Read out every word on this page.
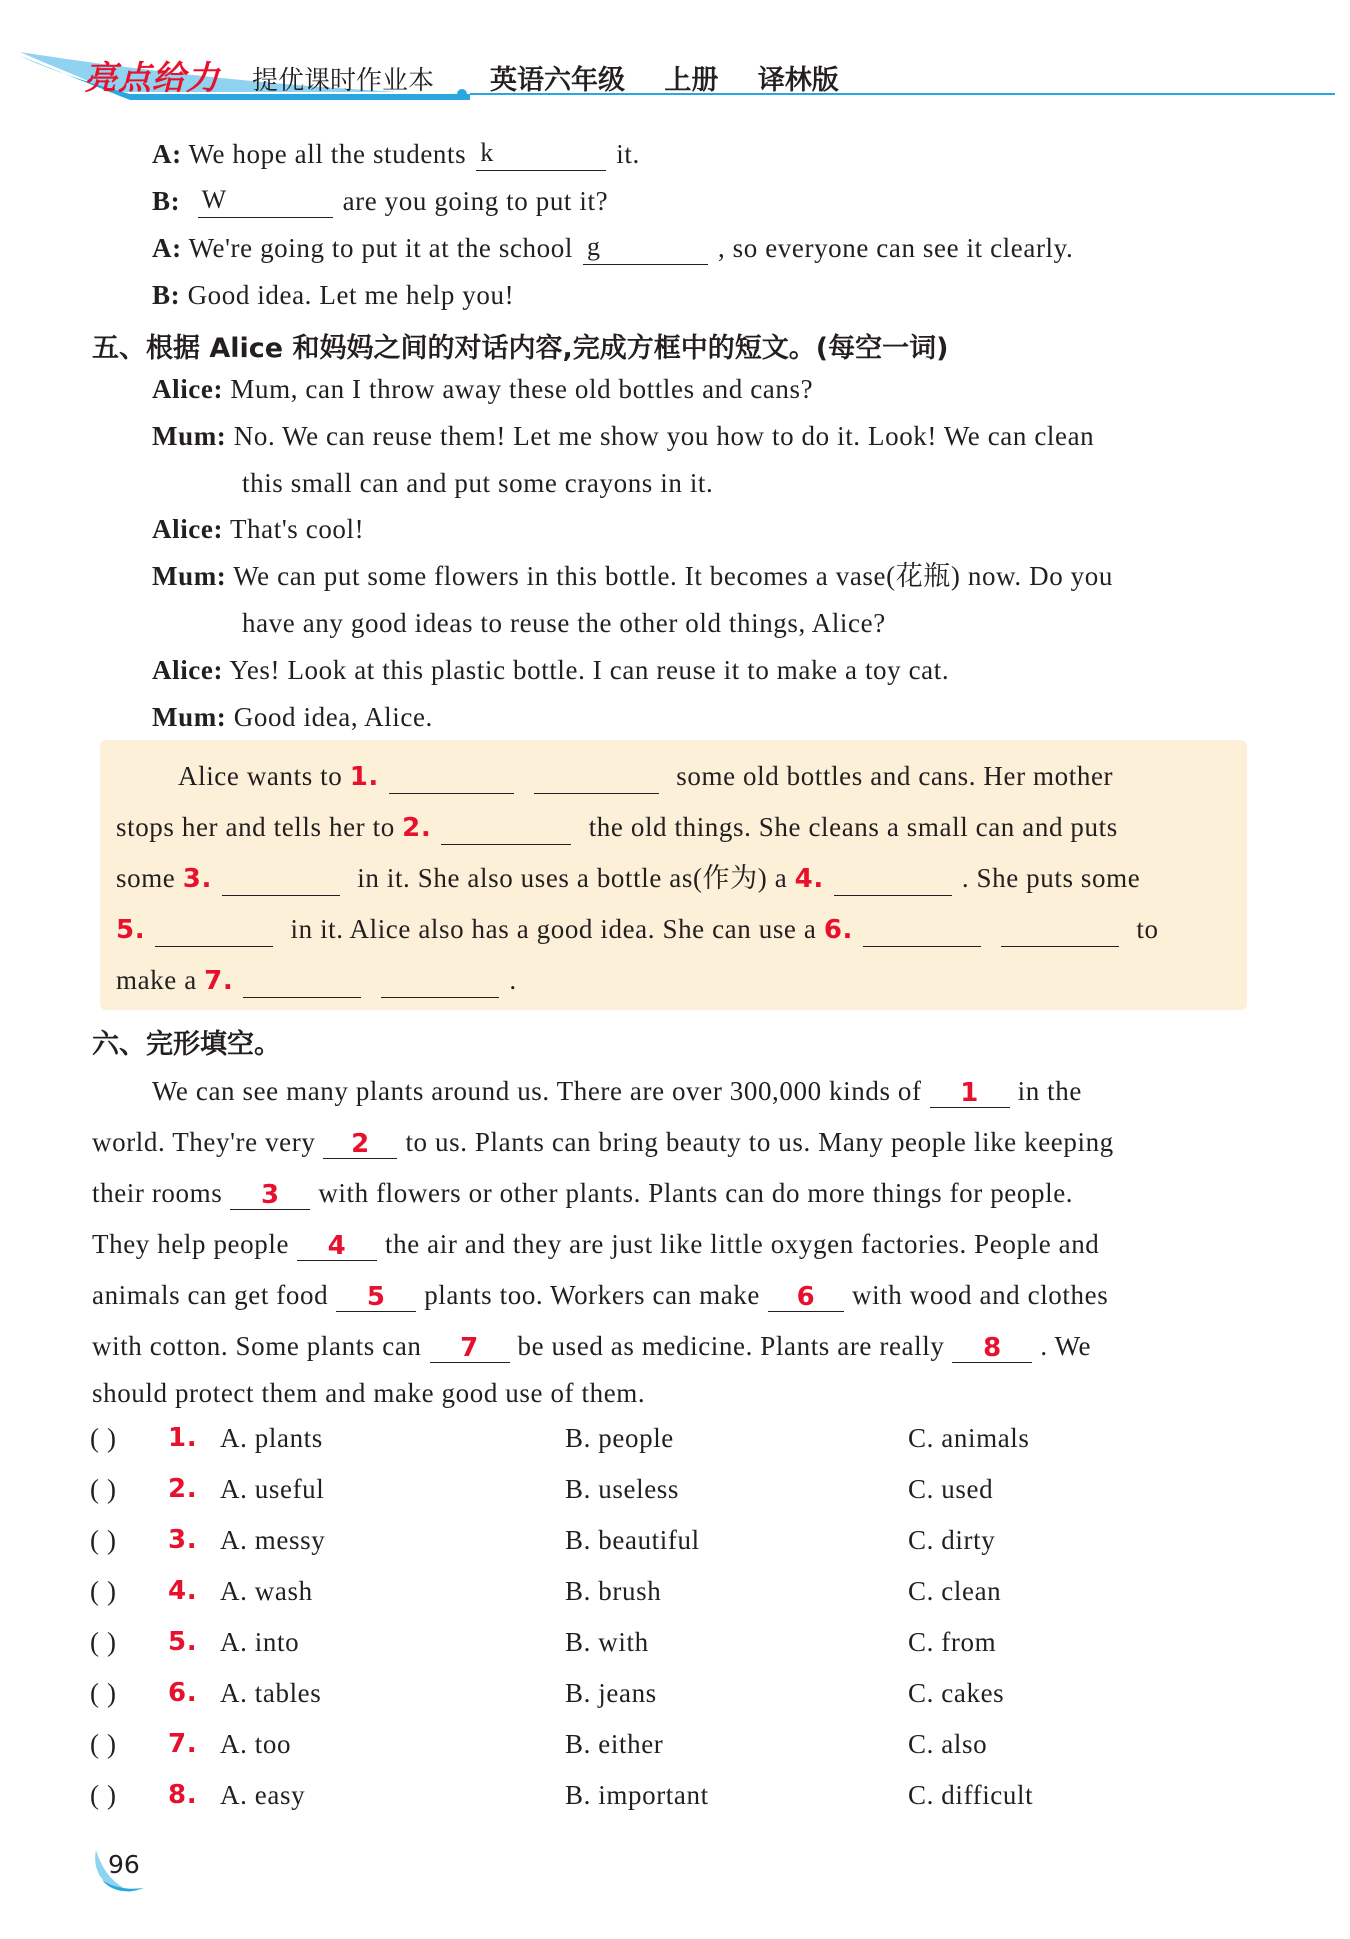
亮点给力 提优课时作业本 英语六年级 上册 译林版
A: We hope all the students k	it.
B: W	are you going to put it?
A: We're going to put it at the school g	, so everyone can see it clearly.
B: Good idea. Let me help you!
五、根据 Alice 和妈妈之间的对话内容,完成方框中的短文。(每空一词)
Alice: Mum, can I throw away these old bottles and cans?
Mum: No. We can reuse them! Let me show you how to do it. Look! We can clean
this small can and put some crayons in it.
Alice: That's cool!
Mum: We can put some flowers in this bottle. It becomes a vase(花瓶) now. Do you
have any good ideas to reuse the other old things, Alice?
Alice: Yes! Look at this plastic bottle. I can reuse it to make a toy cat.
Mum: Good idea, Alice.
Alice wants to 1.	some old bottles and cans. Her mother
stops her and tells her to 2.	the old things. She cleans a small can and puts
some 3.	in it. She also uses a bottle as(作为) a 4.	. She puts some
5.	in it. Alice also has a good idea. She can use a 6.	to
make a 7.	.
六、完形填空。
We can see many plants around us. There are over 300,000 kinds of 1 in the
world. They're very 2 to us. Plants can bring beauty to us. Many people like keeping
their rooms 3 with flowers or other plants. Plants can do more things for people.
They help people 4 the air and they are just like little oxygen factories. People and
animals can get food 5 plants too. Workers can make 6 with wood and clothes
with cotton. Some plants can 7 be used as medicine. Plants are really 8 . We
should protect them and make good use of them.
( ) 1. A. plants	B. people	C. animals
( ) 2. A. useful	B. useless	C. used
( ) 3. A. messy	B. beautiful	C. dirty
( ) 4. A. wash	B. brush	C. clean
( ) 5. A. into	B. with	C. from
( ) 6. A. tables	B. jeans	C. cakes
( ) 7. A. too	B. either	C. also
( ) 8. A. easy	B. important	C. difficult
96
